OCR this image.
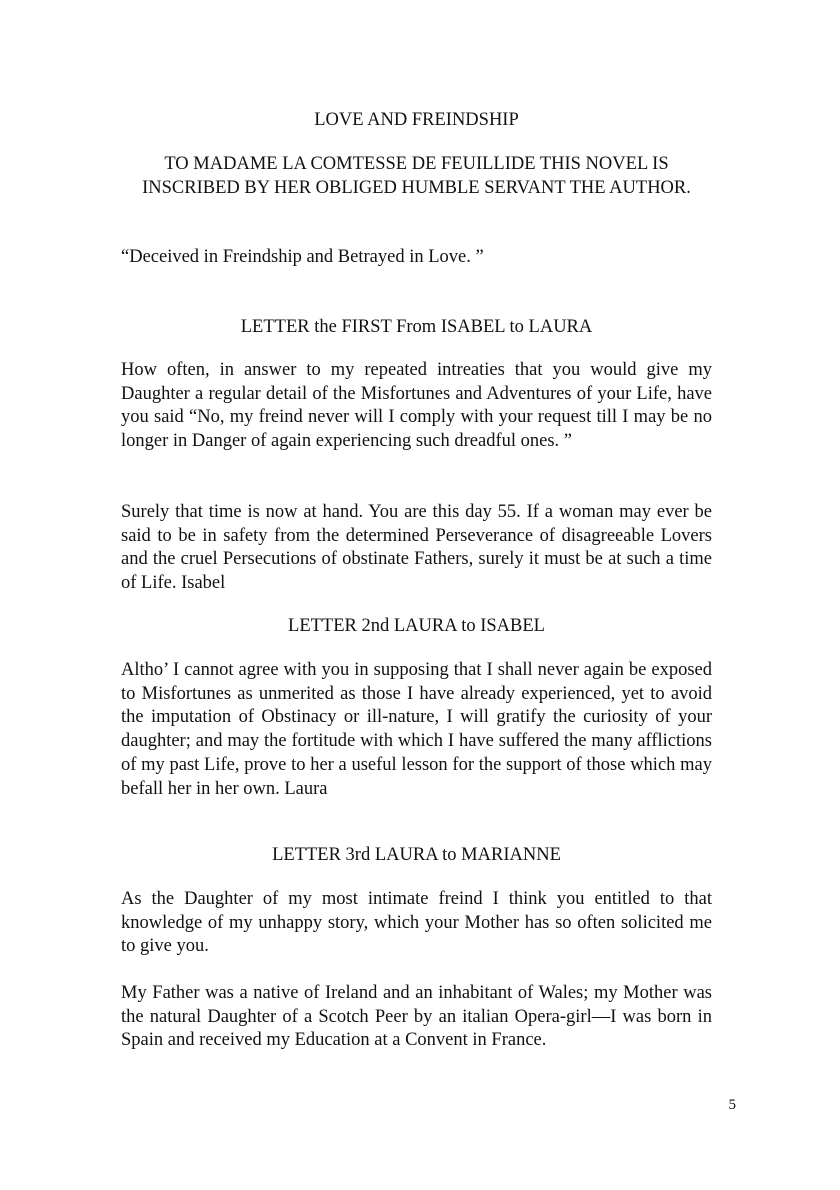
LOVE AND FREINDSHIP
TO MADAME LA COMTESSE DE FEUILLIDE THIS NOVEL IS INSCRIBED BY HER OBLIGED HUMBLE SERVANT THE AUTHOR.
“Deceived in Freindship and Betrayed in Love. ”
LETTER the FIRST From ISABEL to LAURA
How often, in answer to my repeated intreaties that you would give my Daughter a regular detail of the Misfortunes and Adventures of your Life, have you said “No, my freind never will I comply with your request till I may be no longer in Danger of again experiencing such dreadful ones. ”
Surely that time is now at hand. You are this day 55. If a woman may ever be said to be in safety from the determined Perseverance of disagreeable Lovers and the cruel Persecutions of obstinate Fathers, surely it must be at such a time of Life. Isabel
LETTER 2nd LAURA to ISABEL
Altho’ I cannot agree with you in supposing that I shall never again be exposed to Misfortunes as unmerited as those I have already experienced, yet to avoid the imputation of Obstinacy or ill-nature, I will gratify the curiosity of your daughter; and may the fortitude with which I have suffered the many afflictions of my past Life, prove to her a useful lesson for the support of those which may befall her in her own. Laura
LETTER 3rd LAURA to MARIANNE
As the Daughter of my most intimate freind I think you entitled to that knowledge of my unhappy story, which your Mother has so often solicited me to give you.
My Father was a native of Ireland and an inhabitant of Wales; my Mother was the natural Daughter of a Scotch Peer by an italian Opera-girl—I was born in Spain and received my Education at a Convent in France.
5
